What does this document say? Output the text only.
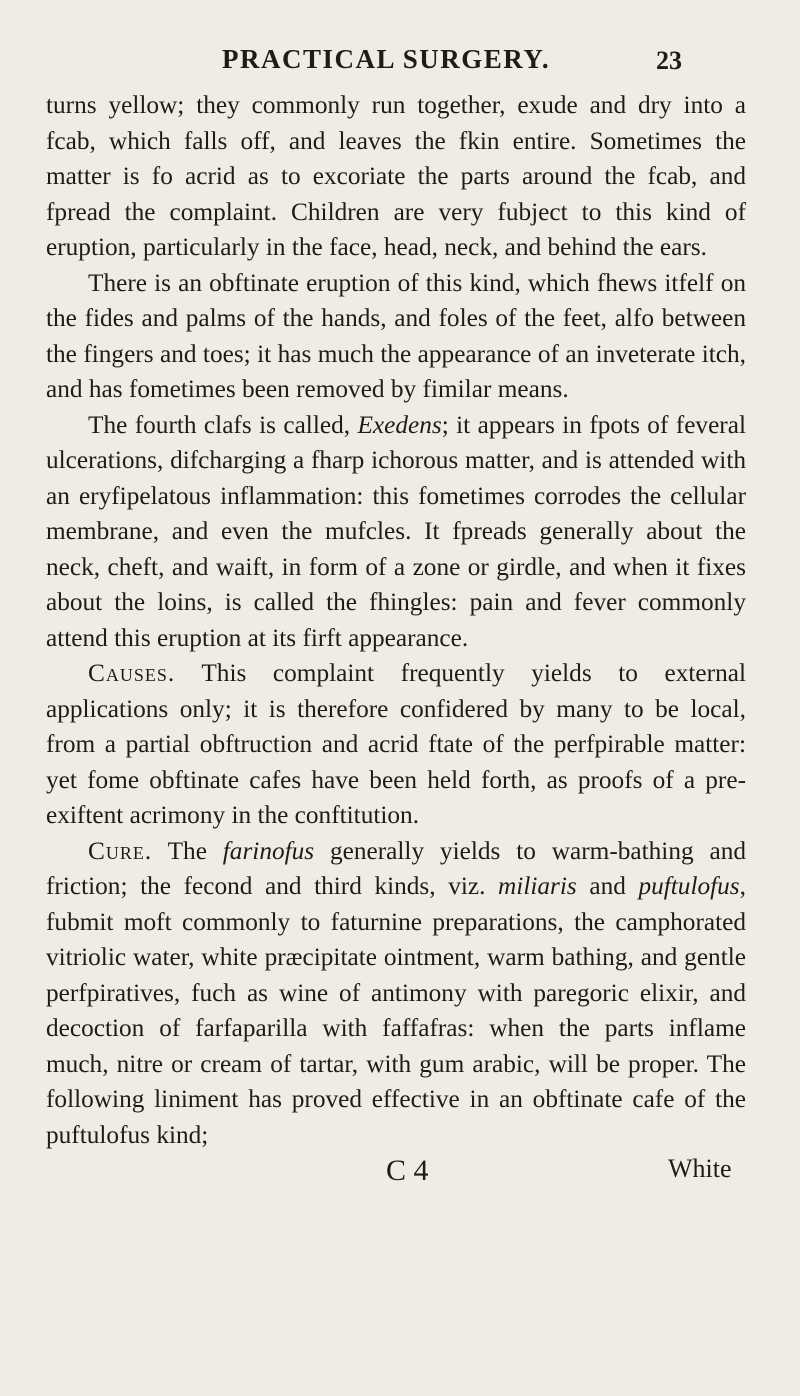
PRACTICAL SURGERY.	23

turns yellow; they commonly run together, exude and dry into a fcab, which falls off, and leaves the fkin entire. Sometimes the matter is fo acrid as to excoriate the parts around the fcab, and fpread the complaint. Children are very fubject to this kind of eruption, particularly in the face, head, neck, and behind the ears.

There is an obftinate eruption of this kind, which fhews itfelf on the fides and palms of the hands, and foles of the feet, alfo between the fingers and toes; it has much the appearance of an inveterate itch, and has fometimes been removed by fimilar means.

The fourth clafs is called, Exedens; it appears in fpots of feveral ulcerations, difcharging a fharp ichorous matter, and is attended with an eryfipelatous inflammation: this fometimes corrodes the cellular membrane, and even the mufcles. It fpreads generally about the neck, cheft, and waift, in form of a zone or girdle, and when it fixes about the loins, is called the fhingles: pain and fever commonly attend this eruption at its firft appearance.

Causes. This complaint frequently yields to external applications only; it is therefore confidered by many to be local, from a partial obftruction and acrid ftate of the perfpirable matter: yet fome obftinate cafes have been held forth, as proofs of a pre-exiftent acrimony in the conftitution.

Cure. The farinofus generally yields to warm-bathing and friction; the fecond and third kinds, viz. miliaris and puftulofus, fubmit moft commonly to faturnine preparations, the camphorated vitriolic water, white præcipitate ointment, warm bathing, and gentle perfpiratives, fuch as wine of antimony with paregoric elixir, and decoction of farfaparilla with faffafras: when the parts inflame much, nitre or cream of tartar, with gum arabic, will be proper. The following liniment has proved effective in an obftinate cafe of the puftulofus kind;

C 4	White
